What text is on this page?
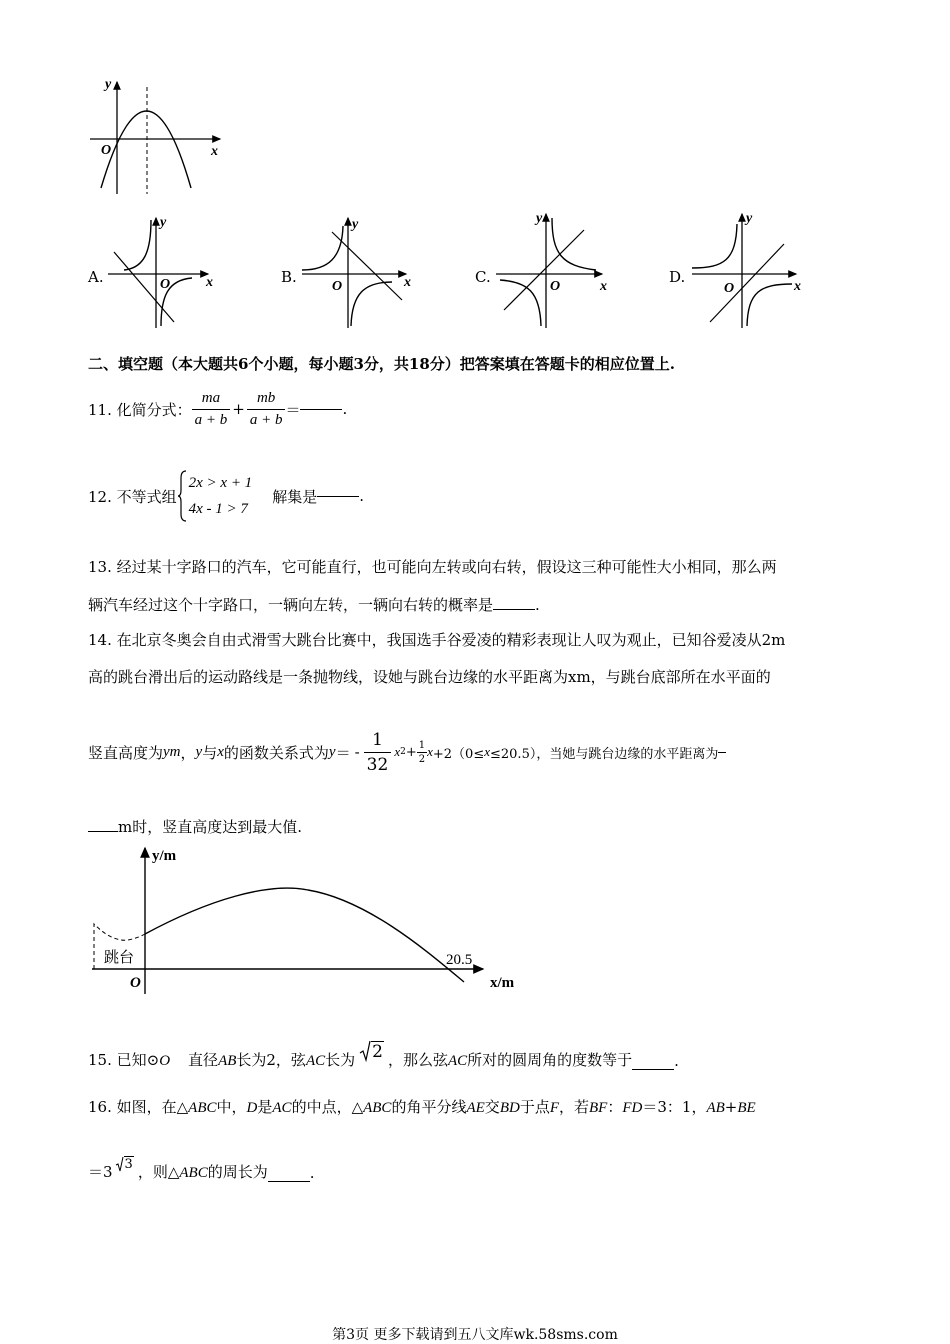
y
x
O
A.
y
x
O	B.
y
x
O
C.
y
x
O
D.
y
x
O
二、填空题（本大题共6个小题，每小题3分，共18分）把答案填在答题卡的相应位置上.
11. 化简分式： $\frac{ma}{a + b} + \frac{mb}{a + b}$ ＝	.
12. 不等式组
2x > x + 1
4x - 1 > 7
解集是	.
13. 经过某十字路口的汽车，它可能直行，也可能向左转或向右转，假设这三种可能性大小相同，那么两
辆汽车经过这个十字路口，一辆向左转，一辆向右转的概率是	.
14. 在北京冬奥会自由式滑雪大跳台比赛中，我国选手谷爱凌的精彩表现让人叹为观止，已知谷爱凌从2m
高的跳台滑出后的运动路线是一条抛物线，设她与跳台边缘的水平距离为xm，与跳台底部所在水平面的
竖直高度为 ym ， y 与 x 的函数关系式为 y ＝ - $\frac{1}{32}$ x $2 + \frac{1}{2}$ x +2（0≤ x ≤20.5），当她与跳台边缘的水平距离为
m时，竖直高度达到最大值.
y/m
x/m
O
跳台	20.5
15. 已知⊙ O	直径 AB 长为2，弦 AC 长为 2 ，那么弦 AC 所对的圆周角的度数等于	.
16. 如图，在△ABC中，D是AC的中点，△ABC的角平分线AE交BD于点F，若BF：FD＝3：1，AB+BE
＝3 3 ，则△ ABC 的周长为	.
第3页 更多下载请到五八文库wk.58sms.com
